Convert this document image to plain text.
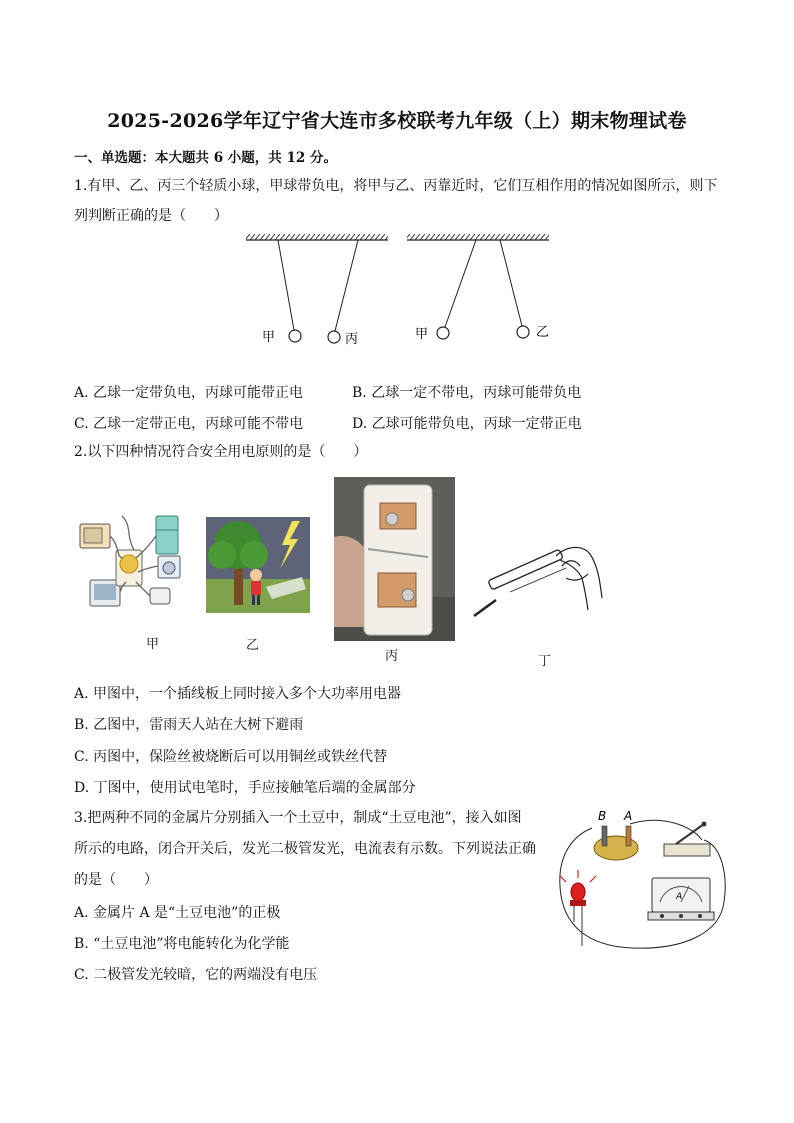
2025-2026学年辽宁省大连市多校联考九年级（上）期末物理试卷
一、单选题：本大题共 6 小题，共 12 分。
1.有甲、乙、丙三个轻质小球，甲球带负电，将甲与乙、丙靠近时，它们互相作用的情况如图所示，则下
列判断正确的是（　　）
甲	丙	甲	乙
A. 乙球一定带负电，丙球可能带正电	B. 乙球一定不带电，丙球可能带负电
C. 乙球一定带正电，丙球可能不带电	D. 乙球可能带负电，丙球一定带正电
2.以下四种情况符合安全用电原则的是（　　）
甲	乙
丙	丁
A. 甲图中，一个插线板上同时接入多个大功率用电器
B. 乙图中，雷雨天人站在大树下避雨
C. 丙图中，保险丝被烧断后可以用铜丝或铁丝代替
D. 丁图中，使用试电笔时，手应接触笔后端的金属部分
3.把两种不同的金属片分别插入一个土豆中，制成“土豆电池”，接入如图
所示的电路，闭合开关后，发光二极管发光，电流表有示数。下列说法正确
的是（　　）
B A
A
A. 金属片 A 是“土豆电池”的正极
B. “土豆电池”将电能转化为化学能
C. 二极管发光较暗，它的两端没有电压
